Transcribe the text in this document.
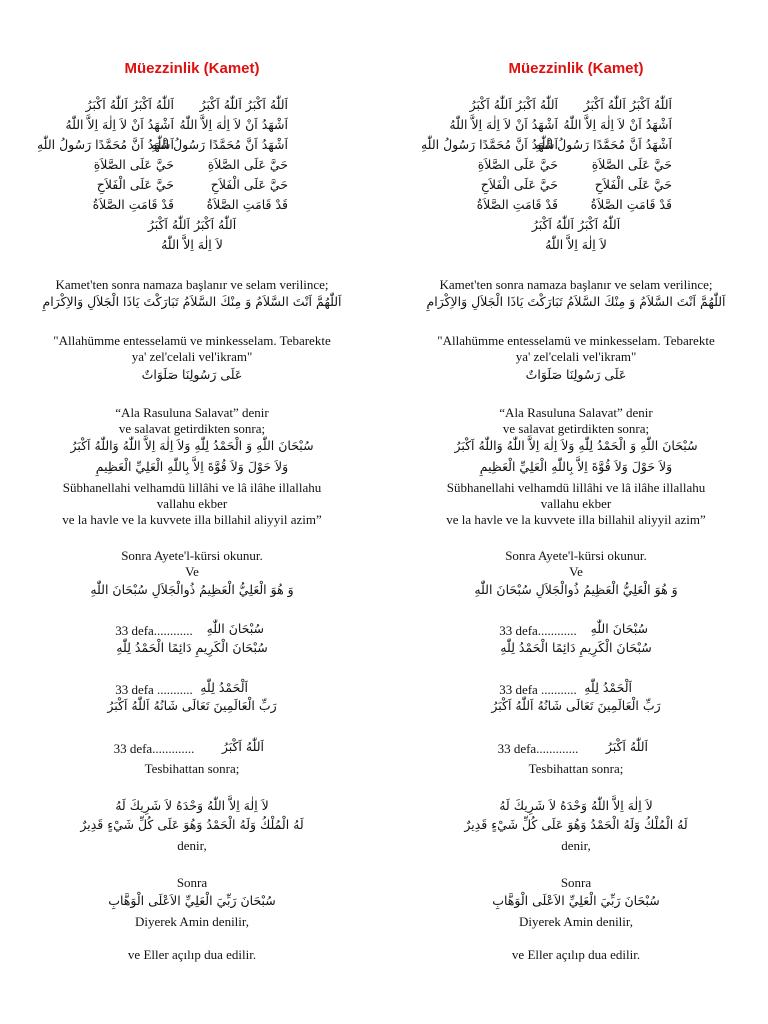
Müezzinlik (Kamet)
اَللّٰهُ اَكْبَرُ اَللّٰهُ اَكْبَرُ
اَشْهَدُ اَنْ لاَ اِلٰهَ اِلاَّ اللّٰهُ
اَشْهَدُ اَنَّ مُحَمَّدًا رَسُولُ اللّٰهِ
حَيَّ عَلَى الصَّلاَةِ
حَيَّ عَلَى الْفَلاَحِ
قَدْ قَامَتِ الصَّلاَةُ
اَللّٰهُ اَكْبَرُ اَللّٰهُ اَكْبَرُ
اَشْهَدُ اَنْ لاَ اِلٰهَ اِلاَّ اللّٰهُ
اَشْهَدُ اَنَّ مُحَمَّدًا رَسُولُ اللّٰهِ
حَيَّ عَلَى الصَّلاَةِ
حَيَّ عَلَى الْفَلاَحِ
قَدْ قَامَتِ الصَّلاَةُ
اَللّٰهُ اَكْبَرُ اَللّٰهُ اَكْبَرُ
لاَ اِلٰهَ اِلاَّ اللّٰهُ
Kamet'ten sonra namaza başlanır ve selam verilince;
اَللّٰهُمَّ اَنْتَ السَّلاَمُ وَ مِنْكَ السَّلاَمُ تَبَارَكْتَ يَاذَا الْجَلاَلِ وَالاِكْرَامِ
"Allahümme entesselamü ve minkesselam. Tebarekte
ya' zel'celali vel'ikram"
عَلَى رَسُولِنَا صَلَوَاتٌ
“Ala Rasuluna Salavat” denir
ve salavat getirdikten sonra;
سُبْحَانَ اللّٰهِ وَ الْحَمْدُ لِلّٰهِ وَلاَ اِلٰهَ اِلاَّ اللّٰهُ وَاللّٰهُ اَكْبَرُ
وَلاَ حَوْلَ وَلاَ قُوَّةَ اِلاَّ بِاللّٰهِ الْعَلِيِّ الْعَظِيمِ
Sübhanellahi velhamdü lillâhi ve lâ ilâhe illallahu
vallahu ekber
ve la havle ve la kuvvete illa billahil aliyyil azim”
Sonra Ayete'l-kürsi okunur.
Ve
وَ هُوَ الْعَلِيُّ الْعَظِيمُ ذُوالْجَلاَلِ سُبْحَانَ اللّٰهِ
33 defa............	سُبْحَانَ اللّٰهِ
سُبْحَانَ الْكَرِيمِ دَائِمًا الْحَمْدُ لِلّٰهِ
33 defa ........... اَلْحَمْدُ لِلّٰهِ
رَبِّ الْعَالَمِينَ تَعَالَى شَانُهُ اَللّٰهُ اَكْبَرُ
33 defa.............	اَللّٰهُ اَكْبَرُ
Tesbihattan sonra;
لاَ اِلٰهَ اِلاَّ اللّٰهُ وَحْدَهُ لاَ شَرِيكَ لَهُ
لَهُ الْمُلْكُ وَلَهُ الْحَمْدُ وَهُوَ عَلَى كُلِّ شَيْءٍ قَدِيرٌ
denir,
Sonra
سُبْحَانَ رَبِّيَ الْعَلِيِّ الاَعْلَى الْوَهَّابِ
Diyerek Amin denilir,
ve Eller açılıp dua edilir.
Müezzinlik (Kamet)
اَللّٰهُ اَكْبَرُ اَللّٰهُ اَكْبَرُ
اَشْهَدُ اَنْ لاَ اِلٰهَ اِلاَّ اللّٰهُ
اَشْهَدُ اَنَّ مُحَمَّدًا رَسُولُ اللّٰهِ
حَيَّ عَلَى الصَّلاَةِ
حَيَّ عَلَى الْفَلاَحِ
قَدْ قَامَتِ الصَّلاَةُ
اَللّٰهُ اَكْبَرُ اَللّٰهُ اَكْبَرُ
اَشْهَدُ اَنْ لاَ اِلٰهَ اِلاَّ اللّٰهُ
اَشْهَدُ اَنَّ مُحَمَّدًا رَسُولُ اللّٰهِ
حَيَّ عَلَى الصَّلاَةِ
حَيَّ عَلَى الْفَلاَحِ
قَدْ قَامَتِ الصَّلاَةُ
اَللّٰهُ اَكْبَرُ اَللّٰهُ اَكْبَرُ
لاَ اِلٰهَ اِلاَّ اللّٰهُ
Kamet'ten sonra namaza başlanır ve selam verilince;
اَللّٰهُمَّ اَنْتَ السَّلاَمُ وَ مِنْكَ السَّلاَمُ تَبَارَكْتَ يَاذَا الْجَلاَلِ وَالاِكْرَامِ
"Allahümme entesselamü ve minkesselam. Tebarekte
ya' zel'celali vel'ikram"
عَلَى رَسُولِنَا صَلَوَاتٌ
“Ala Rasuluna Salavat” denir
ve salavat getirdikten sonra;
سُبْحَانَ اللّٰهِ وَ الْحَمْدُ لِلّٰهِ وَلاَ اِلٰهَ اِلاَّ اللّٰهُ وَاللّٰهُ اَكْبَرُ
وَلاَ حَوْلَ وَلاَ قُوَّةَ اِلاَّ بِاللّٰهِ الْعَلِيِّ الْعَظِيمِ
Sübhanellahi velhamdü lillâhi ve lâ ilâhe illallahu
vallahu ekber
ve la havle ve la kuvvete illa billahil aliyyil azim”
Sonra Ayete'l-kürsi okunur.
Ve
وَ هُوَ الْعَلِيُّ الْعَظِيمُ ذُوالْجَلاَلِ سُبْحَانَ اللّٰهِ
33 defa............	سُبْحَانَ اللّٰهِ
سُبْحَانَ الْكَرِيمِ دَائِمًا الْحَمْدُ لِلّٰهِ
33 defa ........... اَلْحَمْدُ لِلّٰهِ
رَبِّ الْعَالَمِينَ تَعَالَى شَانُهُ اَللّٰهُ اَكْبَرُ
33 defa.............	اَللّٰهُ اَكْبَرُ
Tesbihattan sonra;
لاَ اِلٰهَ اِلاَّ اللّٰهُ وَحْدَهُ لاَ شَرِيكَ لَهُ
لَهُ الْمُلْكُ وَلَهُ الْحَمْدُ وَهُوَ عَلَى كُلِّ شَيْءٍ قَدِيرٌ
denir,
Sonra
سُبْحَانَ رَبِّيَ الْعَلِيِّ الاَعْلَى الْوَهَّابِ
Diyerek Amin denilir,
ve Eller açılıp dua edilir.
